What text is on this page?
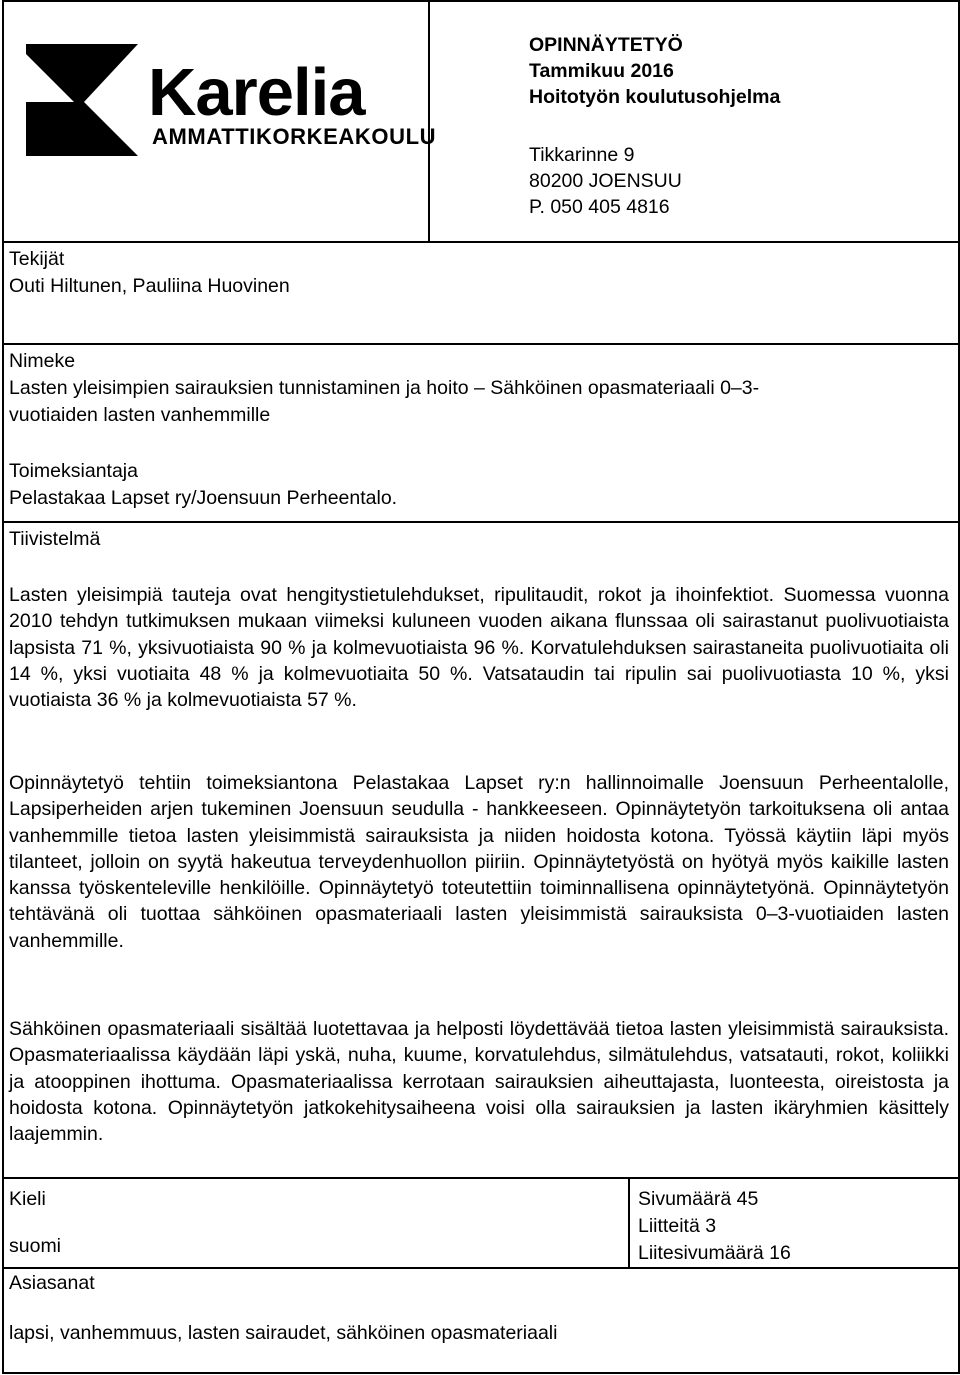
Karelia
AMMATTIKORKEAKOULU
OPINNÄYTETYÖ
Tammikuu 2016
Hoitotyön koulutusohjelma
Tikkarinne 9
80200 JOENSUU
P. 050 405 4816
Tekijät
Outi Hiltunen, Pauliina Huovinen
Nimeke
Lasten yleisimpien sairauksien tunnistaminen ja hoito – Sähköinen opasmateriaali 0–3-
vuotiaiden lasten vanhemmille
Toimeksiantaja
Pelastakaa Lapset ry/Joensuun Perheentalo.
Tiivistelmä
Lasten yleisimpiä tauteja ovat hengitystietulehdukset, ripulitaudit, rokot ja ihoinfektiot. Suomessa vuonna 2010 tehdyn tutkimuksen mukaan viimeksi kuluneen vuoden aikana flunssaa oli sairastanut puolivuotiaista lapsista 71 %, yksivuotiaista 90 % ja kolmevuotiaista 96 %. Korvatulehduksen sairastaneita puolivuotiaita oli 14 %, yksi vuotiaita 48 % ja kolmevuotiaita 50 %. Vatsataudin tai ripulin sai puolivuotiasta 10 %, yksi vuotiaista 36 % ja kolmevuotiaista 57 %.
Opinnäytetyö tehtiin toimeksiantona Pelastakaa Lapset ry:n hallinnoimalle Joensuun Perheentalolle, Lapsiperheiden arjen tukeminen Joensuun seudulla - hankkeeseen. Opinnäytetyön tarkoituksena oli antaa vanhemmille tietoa lasten yleisimmistä sairauksista ja niiden hoidosta kotona. Työssä käytiin läpi myös tilanteet, jolloin on syytä hakeutua terveydenhuollon piiriin. Opinnäytetyöstä on hyötyä myös kaikille lasten kanssa työskenteleville henkilöille. Opinnäytetyö toteutettiin toiminnallisena opinnäytetyönä. Opinnäytetyön tehtävänä oli tuottaa sähköinen opasmateriaali lasten yleisimmistä sairauksista 0–3-vuotiaiden lasten vanhemmille.
Sähköinen opasmateriaali sisältää luotettavaa ja helposti löydettävää tietoa lasten yleisimmistä sairauksista. Opasmateriaalissa käydään läpi yskä, nuha, kuume, korvatulehdus, silmätulehdus, vatsatauti, rokot, koliikki ja atooppinen ihottuma. Opasmateriaalissa kerrotaan sairauksien aiheuttajasta, luonteesta, oireistosta ja hoidosta kotona. Opinnäytetyön jatkokehitysaiheena voisi olla sairauksien ja lasten ikäryhmien käsittely laajemmin.
Kieli
suomi
Sivumäärä 45
Liitteitä 3
Liitesivumäärä 16
Asiasanat
lapsi, vanhemmuus, lasten sairaudet, sähköinen opasmateriaali
